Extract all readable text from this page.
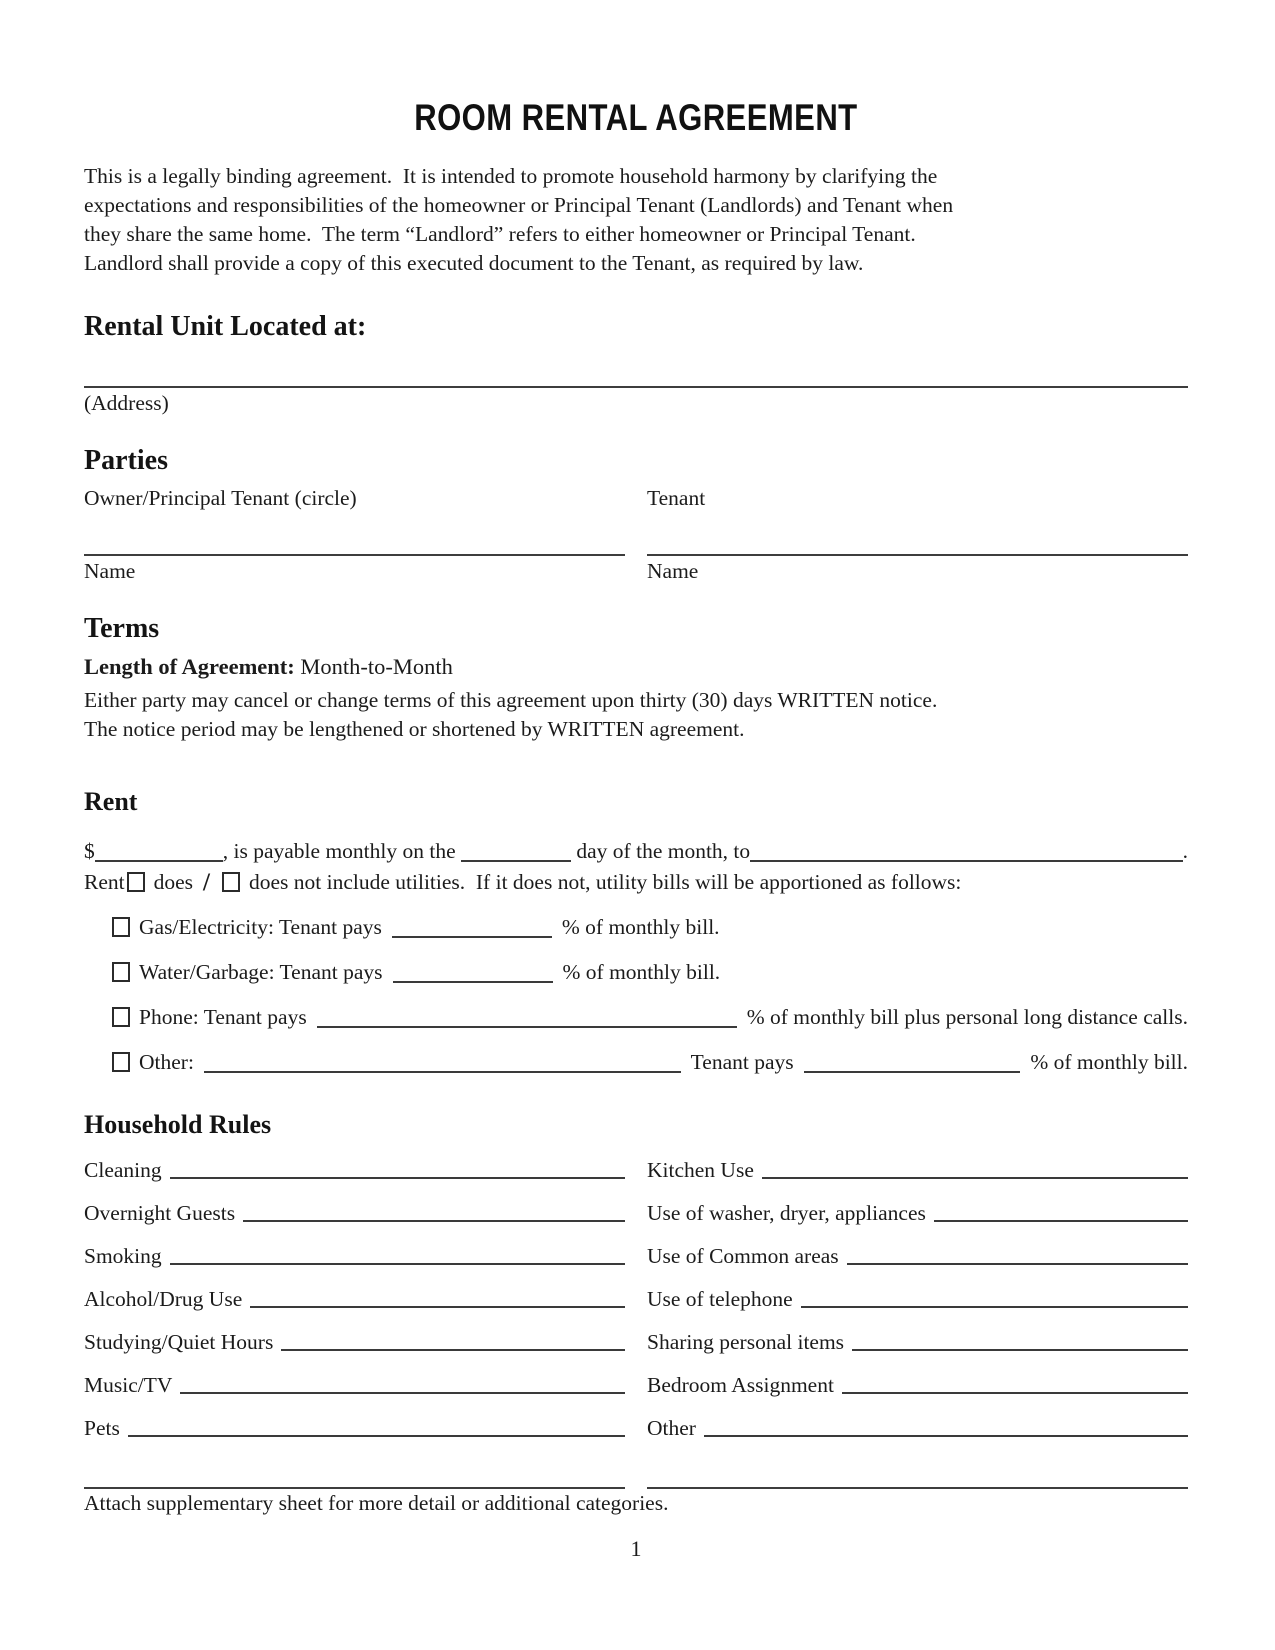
ROOM RENTAL AGREEMENT
This is a legally binding agreement.  It is intended to promote household harmony by clarifying the
expectations and responsibilities of the homeowner or Principal Tenant (Landlords) and Tenant when
they share the same home.  The term “Landlord” refers to either homeowner or Principal Tenant.
Landlord shall provide a copy of this executed document to the Tenant, as required by law.
Rental Unit Located at:
(Address)
Parties
Owner/Principal Tenant (circle)	Tenant
Name	Name
Terms
Length of Agreement: Month-to-Month
Either party may cancel or change terms of this agreement upon thirty (30) days WRITTEN notice.
The notice period may be lengthened or shortened by WRITTEN agreement.
Rent
$	, is payable monthly on the	day of the month, to	.
Rent does / does not include utilities.  If it does not, utility bills will be apportioned as follows:
Gas/Electricity: Tenant pays	% of monthly bill.
Water/Garbage: Tenant pays	% of monthly bill.
Phone: Tenant pays	% of monthly bill plus personal long distance calls.
Other:	Tenant pays	% of monthly bill.
Household Rules
Cleaning	Kitchen Use
Overnight Guests	Use of washer, dryer, appliances
Smoking	Use of Common areas
Alcohol/Drug Use	Use of telephone
Studying/Quiet Hours	Sharing personal items
Music/TV	Bedroom Assignment
Pets	Other
Attach supplementary sheet for more detail or additional categories.
1
